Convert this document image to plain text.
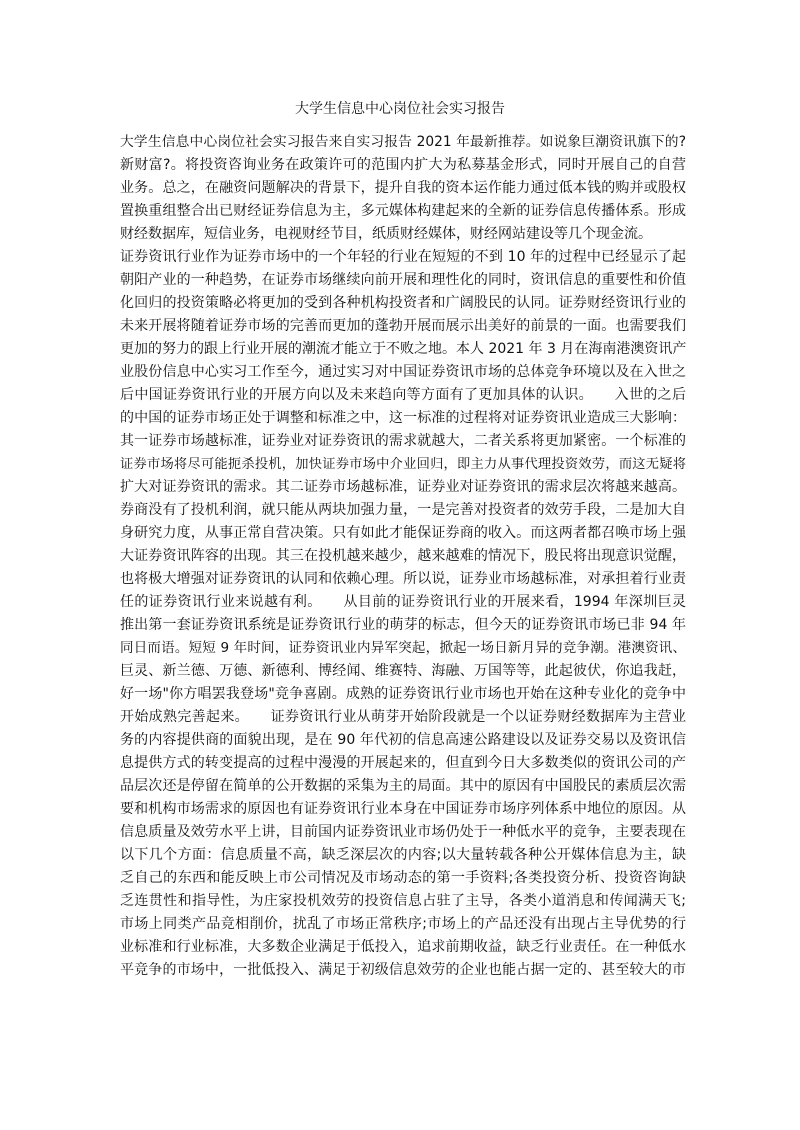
大学生信息中心岗位社会实习报告
大学生信息中心岗位社会实习报告来自实习报告 2021 年最新推荐。如说象巨潮资讯旗下的?
新财富?。将投资咨询业务在政策许可的范围内扩大为私募基金形式，同时开展自己的自营
业务。总之，在融资问题解决的背景下，提升自我的资本运作能力通过低本钱的购并或股权
置换重组整合出已财经证券信息为主，多元媒体构建起来的全新的证券信息传播体系。形成
财经数据库，短信业务，电视财经节目，纸质财经媒体，财经网站建设等几个现金流。
证券资讯行业作为证券市场中的一个年轻的行业在短短的不到 10 年的过程中已经显示了起
朝阳产业的一种趋势，在证券市场继续向前开展和理性化的同时，资讯信息的重要性和价值
化回归的投资策略必将更加的受到各种机构投资者和广阔股民的认同。证券财经资讯行业的
未来开展将随着证券市场的完善而更加的蓬勃开展而展示出美好的前景的一面。也需要我们
更加的努力的跟上行业开展的潮流才能立于不败之地。本人 2021 年 3 月在海南港澳资讯产
业股份信息中心实习工作至今，通过实习对中国证券资讯市场的总体竞争环境以及在入世之
后中国证券资讯行业的开展方向以及未来趋向等方面有了更加具体的认识。　　入世的之后
的中国的证券市场正处于调整和标准之中，这一标准的过程将对证券资讯业造成三大影响：
其一证券市场越标准，证券业对证券资讯的需求就越大，二者关系将更加紧密。一个标准的
证券市场将尽可能扼杀投机，加快证券市场中介业回归，即主力从事代理投资效劳，而这无疑将
扩大对证券资讯的需求。其二证券市场越标准，证券业对证券资讯的需求层次将越来越高。
券商没有了投机利润，就只能从两块加强力量，一是完善对投资者的效劳手段，二是加大自
身研究力度，从事正常自营决策。只有如此才能保证券商的收入。而这两者都召唤市场上强
大证券资讯阵容的出现。其三在投机越来越少，越来越难的情况下，股民将出现意识觉醒，
也将极大增强对证券资讯的认同和依赖心理。所以说，证券业市场越标准，对承担着行业责
任的证券资讯行业来说越有利。　　从目前的证券资讯行业的开展来看，1994 年深圳巨灵
推出第一套证券资讯系统是证券资讯行业的萌芽的标志，但今天的证券资讯市场已非 94 年
同日而语。短短 9 年时间，证券资讯业内异军突起，掀起一场日新月异的竞争潮。港澳资讯、
巨灵、新兰德、万德、新德利、博经闻、维赛特、海融、万国等等，此起彼伏，你追我赶，
好一场"你方唱罢我登场"竞争喜剧。成熟的证券资讯行业市场也开始在这种专业化的竞争中
开始成熟完善起来。　　证券资讯行业从萌芽开始阶段就是一个以证券财经数据库为主营业
务的内容提供商的面貌出现，是在 90 年代初的信息高速公路建设以及证券交易以及资讯信
息提供方式的转变提高的过程中漫漫的开展起来的，但直到今日大多数类似的资讯公司的产
品层次还是停留在简单的公开数据的采集为主的局面。其中的原因有中国股民的素质层次需
要和机构市场需求的原因也有证券资讯行业本身在中国证券市场序列体系中地位的原因。从
信息质量及效劳水平上讲，目前国内证券资讯业市场仍处于一种低水平的竞争，主要表现在
以下几个方面：信息质量不高，缺乏深层次的内容;以大量转载各种公开媒体信息为主，缺
乏自己的东西和能反映上市公司情况及市场动态的第一手资料;各类投资分析、投资咨询缺
乏连贯性和指导性，为庄家投机效劳的投资信息占驻了主导，各类小道消息和传闻满天飞;
市场上同类产品竞相削价，扰乱了市场正常秩序;市场上的产品还没有出现占主导优势的行
业标准和行业标准，大多数企业满足于低投入，追求前期收益，缺乏行业责任。在一种低水
平竞争的市场中，一批低投入、满足于初级信息效劳的企业也能占据一定的、甚至较大的市
